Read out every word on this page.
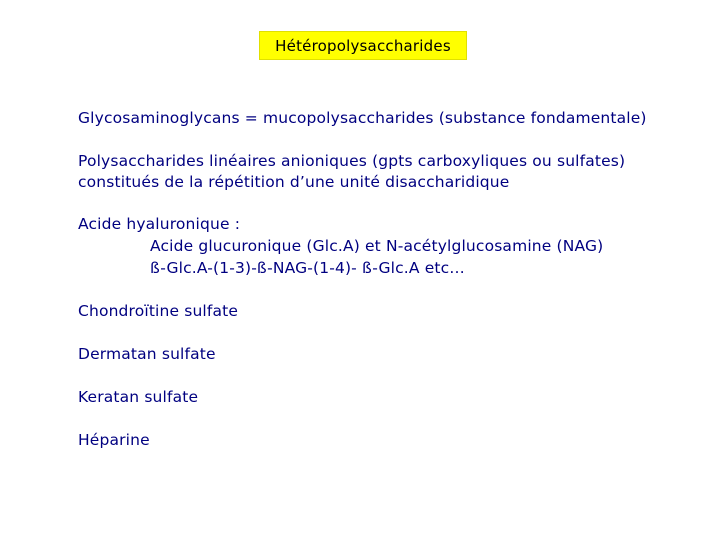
Hétéropolysaccharides
Glycosaminoglycans = mucopolysaccharides (substance fondamentale)
Polysaccharides linéaires anioniques (gpts carboxyliques ou sulfates)
constitués de la répétition d’une unité disaccharidique
Acide hyaluronique :
Acide glucuronique (Glc.A) et N-acétylglucosamine (NAG)
ß-Glc.A-(1-3)-ß-NAG-(1-4)- ß-Glc.A etc…
Chondroïtine sulfate
Dermatan sulfate
Keratan sulfate
Héparine
